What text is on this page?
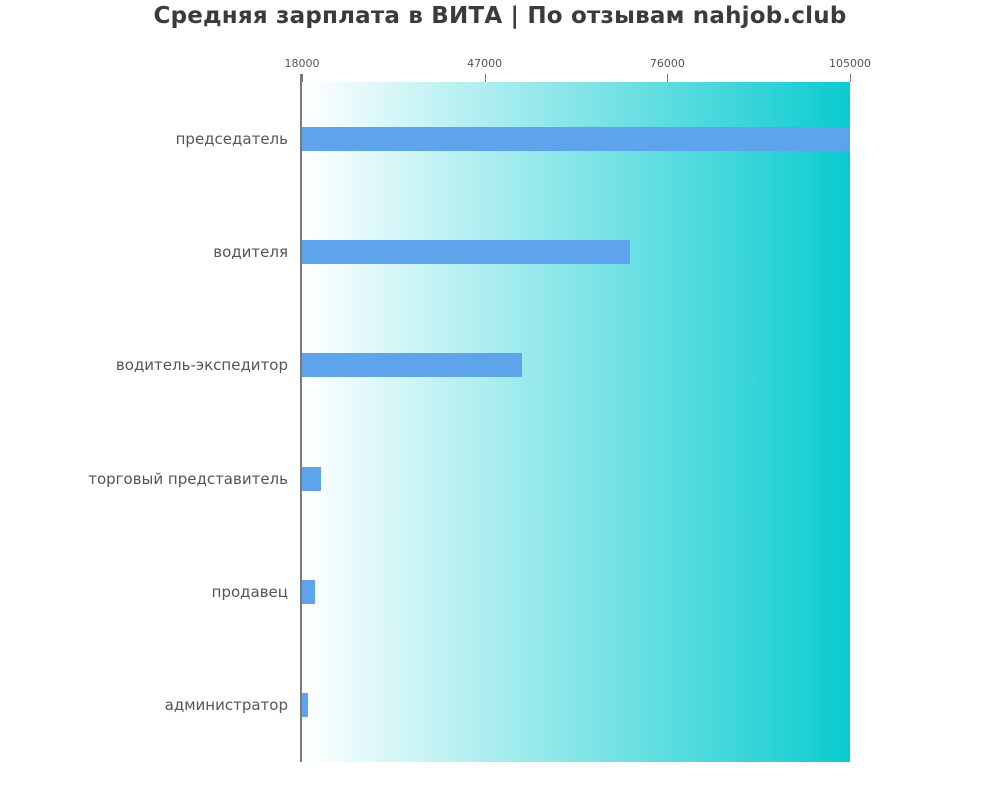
Средняя зарплата в ВИТА | По отзывам nahjob.club
председатель
водителя
водитель-экспедитор
торговый представитель
продавец
администратор
18000	47000	76000	105000
